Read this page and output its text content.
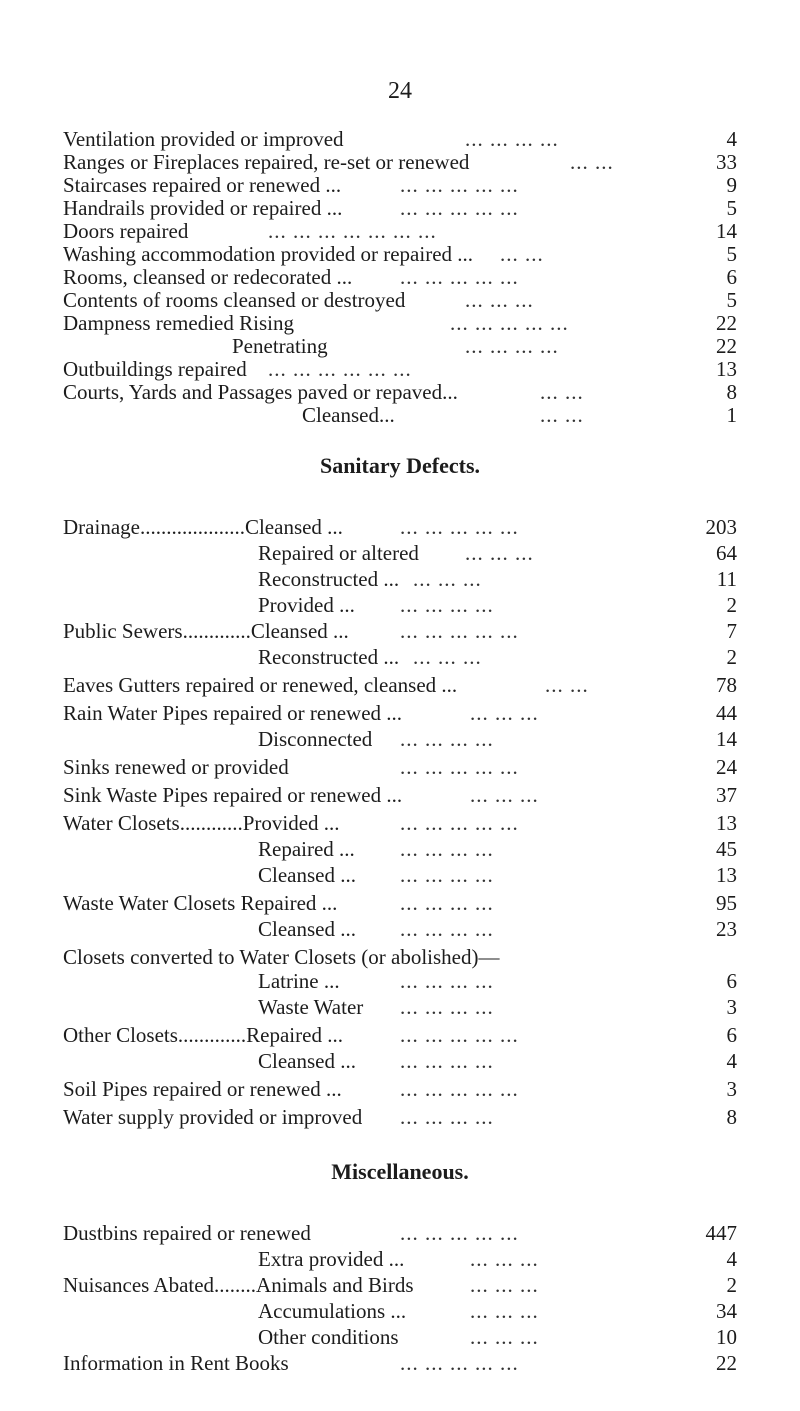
24
Ventilation provided or improved	... ... ... ...	4
Ranges or Fireplaces repaired, re-set or renewed	... ...	33
Staircases repaired or renewed ...	... ... ... ... ...	9
Handrails provided or repaired ...	... ... ... ... ...	5
Doors repaired	... ... ... ... ... ... ...	14
Washing accommodation provided or repaired ... ... ...	5
Rooms, cleansed or redecorated ... ... ... ... ... ...	6
Contents of rooms cleansed or destroyed	... ... ...	5
Dampness remedied Rising	... ... ... ... ...	22
Penetrating	... ... ... ...	22
Outbuildings repaired ... ... ... ... ... ...	13
Courts, Yards and Passages paved or repaved...	... ...	8
Cleansed...	... ...	1
Sanitary Defects.
Drainage....................Cleansed ...	... ... ... ... ...	203
Repaired or altered ... ... ...	64
Reconstructed ... ... ... ...	11
Provided ... ... ... ... ...	2
Public Sewers.............Cleansed ... ... ... ... ... ...	7
Reconstructed ... ... ... ...	2
Eaves Gutters repaired or renewed, cleansed ...	... ...	78
Rain Water Pipes repaired or renewed ...	... ... ...	44
Disconnected ... ... ... ...	14
Sinks renewed or provided	... ... ... ... ...	24
Sink Waste Pipes repaired or renewed ...	... ... ...	37
Water Closets............Provided ...	... ... ... ... ...	13
Repaired ... ... ... ... ...	45
Cleansed ... ... ... ... ...	13
Waste Water Closets Repaired ...	... ... ... ...	95
Cleansed ... ... ... ... ...	23
Closets converted to Water Closets (or abolished)—
Latrine ...	... ... ... ...	6
Waste Water ... ... ... ...	3
Other Closets.............Repaired ...	... ... ... ... ...	6
Cleansed ... ... ... ... ...	4
Soil Pipes repaired or renewed ...	... ... ... ... ...	3
Water supply provided or improved ... ... ... ...	8
Miscellaneous.
Dustbins repaired or renewed	... ... ... ... ...	447
Extra provided ...	... ... ...	4
Nuisances Abated........Animals and Birds	... ... ...	2
Accumulations ...	... ... ...	34
Other conditions	... ... ...	10
Information in Rent Books	... ... ... ... ...	22
